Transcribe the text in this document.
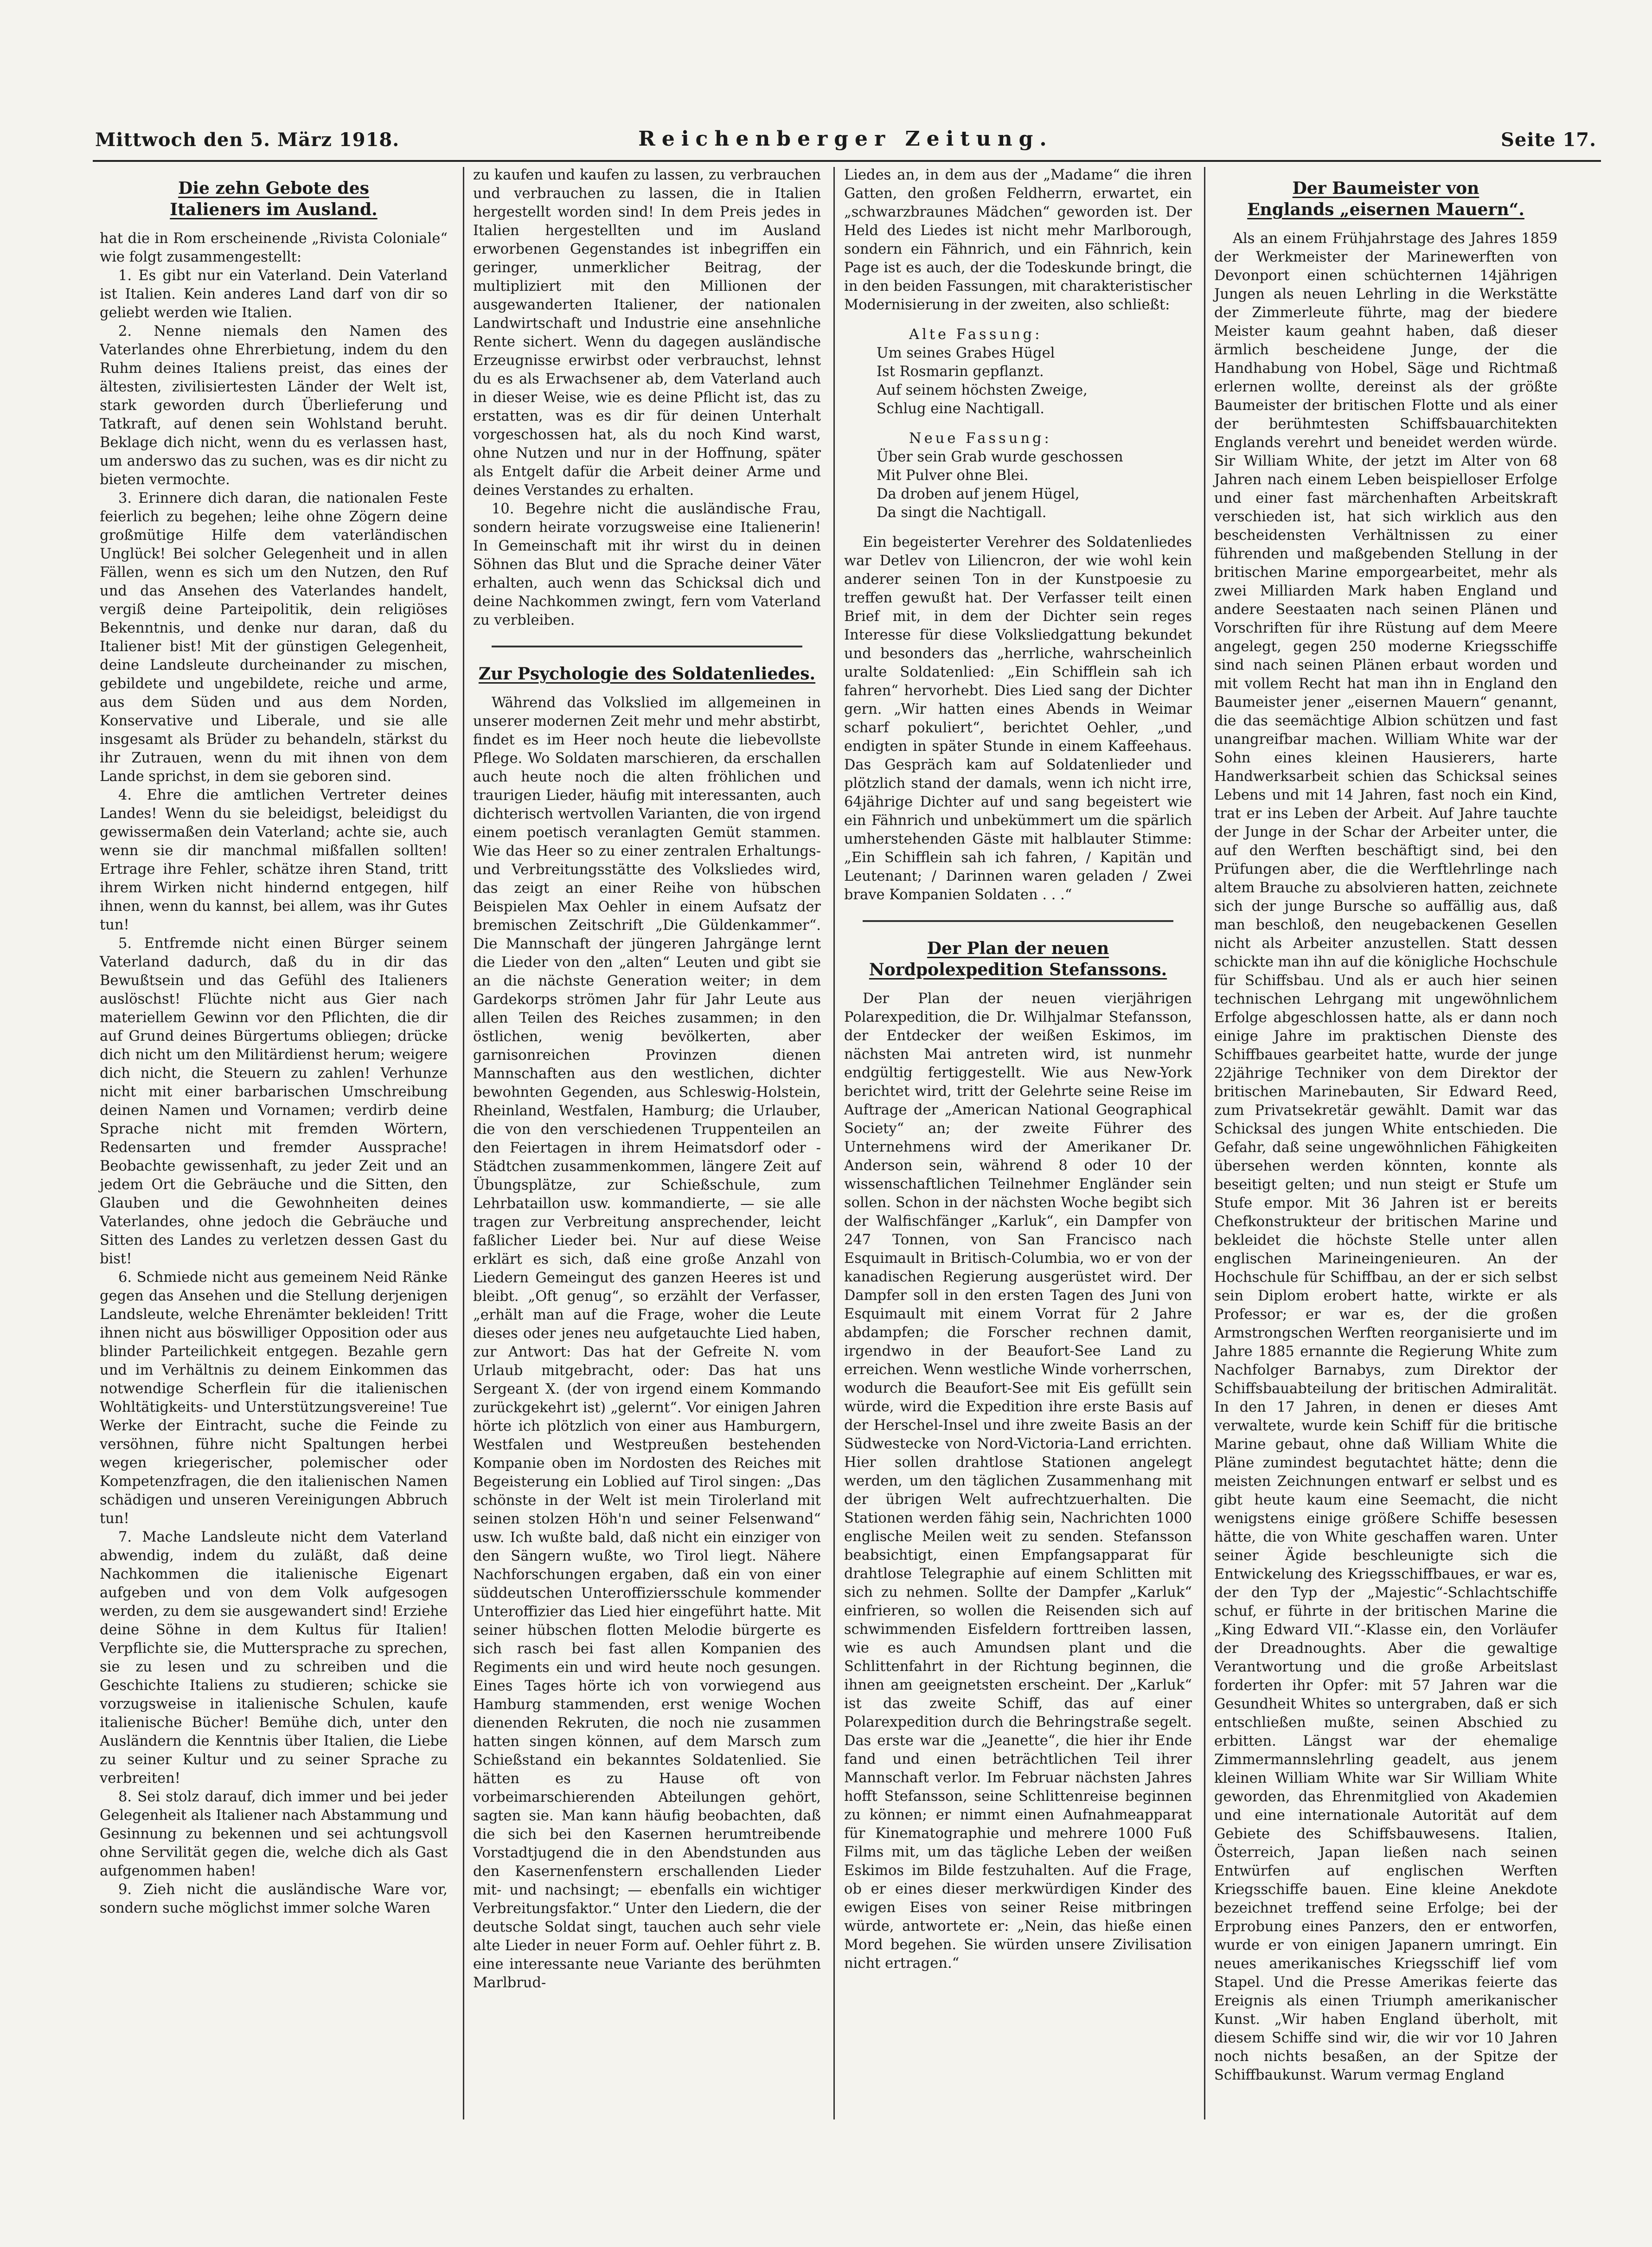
Mittwoch den 5. März 1918.	Reichenberger Zeitung.	Seite 17.
Die zehn Gebote des
Italieners im Ausland.

hat die in Rom erscheinende „Rivista Coloniale“ wie folgt zusammengestellt:

1. Es gibt nur ein Vaterland. Dein Vaterland ist Italien. Kein anderes Land darf von dir so geliebt werden wie Italien.

2. Nenne niemals den Namen des Vaterlandes ohne Ehrerbietung, indem du den Ruhm deines Italiens preist, das eines der ältesten, zivilisiertesten Länder der Welt ist, stark geworden durch Überlieferung und Tatkraft, auf denen sein Wohlstand beruht. Beklage dich nicht, wenn du es verlassen hast, um anderswo das zu suchen, was es dir nicht zu bieten vermochte.

3. Erinnere dich daran, die nationalen Feste feierlich zu begehen; leihe ohne Zögern deine großmütige Hilfe dem vaterländischen Unglück! Bei solcher Gelegenheit und in allen Fällen, wenn es sich um den Nutzen, den Ruf und das Ansehen des Vaterlandes handelt, vergiß deine Parteipolitik, dein religiöses Bekenntnis, und denke nur daran, daß du Italiener bist! Mit der günstigen Gelegenheit, deine Landsleute durcheinander zu mischen, gebildete und ungebildete, reiche und arme, aus dem Süden und aus dem Norden, Konservative und Liberale, und sie alle insgesamt als Brüder zu behandeln, stärkst du ihr Zutrauen, wenn du mit ihnen von dem Lande sprichst, in dem sie geboren sind.

4. Ehre die amtlichen Vertreter deines Landes! Wenn du sie beleidigst, beleidigst du gewissermaßen dein Vaterland; achte sie, auch wenn sie dir manchmal mißfallen sollten! Ertrage ihre Fehler, schätze ihren Stand, tritt ihrem Wirken nicht hindernd entgegen, hilf ihnen, wenn du kannst, bei allem, was ihr Gutes tun!

5. Entfremde nicht einen Bürger seinem Vaterland dadurch, daß du in dir das Bewußtsein und das Gefühl des Italieners auslöschst! Flüchte nicht aus Gier nach materiellem Gewinn vor den Pflichten, die dir auf Grund deines Bürgertums obliegen; drücke dich nicht um den Militärdienst herum; weigere dich nicht, die Steuern zu zahlen! Verhunze nicht mit einer barbarischen Umschreibung deinen Namen und Vornamen; verdirb deine Sprache nicht mit fremden Wörtern, Redensarten und fremder Aussprache! Beobachte gewissenhaft, zu jeder Zeit und an jedem Ort die Gebräuche und die Sitten, den Glauben und die Gewohnheiten deines Vaterlandes, ohne jedoch die Gebräuche und Sitten des Landes zu verletzen dessen Gast du bist!

6. Schmiede nicht aus gemeinem Neid Ränke gegen das Ansehen und die Stellung derjenigen Landsleute, welche Ehrenämter bekleiden! Tritt ihnen nicht aus böswilliger Opposition oder aus blinder Parteilichkeit entgegen. Bezahle gern und im Verhältnis zu deinem Einkommen das notwendige Scherflein für die italienischen Wohltätigkeits- und Unterstützungsvereine! Tue Werke der Eintracht, suche die Feinde zu versöhnen, führe nicht Spaltungen herbei wegen kriegerischer, polemischer oder Kompetenzfragen, die den italienischen Namen schädigen und unseren Vereinigungen Abbruch tun!

7. Mache Landsleute nicht dem Vaterland abwendig, indem du zuläßt, daß deine Nachkommen die italienische Eigenart aufgeben und von dem Volk aufgesogen werden, zu dem sie ausgewandert sind! Erziehe deine Söhne in dem Kultus für Italien! Verpflichte sie, die Muttersprache zu sprechen, sie zu lesen und zu schreiben und die Geschichte Italiens zu studieren; schicke sie vorzugsweise in italienische Schulen, kaufe italienische Bücher! Bemühe dich, unter den Ausländern die Kenntnis über Italien, die Liebe zu seiner Kultur und zu seiner Sprache zu verbreiten!

8. Sei stolz darauf, dich immer und bei jeder Gelegenheit als Italiener nach Abstammung und Gesinnung zu bekennen und sei achtungsvoll ohne Servilität gegen die, welche dich als Gast aufgenommen haben!

9. Zieh nicht die ausländische Ware vor, sondern suche möglichst immer solche Waren

zu kaufen und kaufen zu lassen, zu verbrauchen und verbrauchen zu lassen, die in Italien hergestellt worden sind! In dem Preis jedes in Italien hergestellten und im Ausland erworbenen Gegenstandes ist inbegriffen ein geringer, unmerklicher Beitrag, der multipliziert mit den Millionen der ausgewanderten Italiener, der nationalen Landwirtschaft und Industrie eine ansehnliche Rente sichert. Wenn du dagegen ausländische Erzeugnisse erwirbst oder verbrauchst, lehnst du es als Erwachsener ab, dem Vaterland auch in dieser Weise, wie es deine Pflicht ist, das zu erstatten, was es dir für deinen Unterhalt vorgeschossen hat, als du noch Kind warst, ohne Nutzen und nur in der Hoffnung, später als Entgelt dafür die Arbeit deiner Arme und deines Verstandes zu erhalten.

10. Begehre nicht die ausländische Frau, sondern heirate vorzugsweise eine Italienerin! In Gemeinschaft mit ihr wirst du in deinen Söhnen das Blut und die Sprache deiner Väter erhalten, auch wenn das Schicksal dich und deine Nachkommen zwingt, fern vom Vaterland zu verbleiben.

Zur Psychologie des Soldatenliedes.

Während das Volkslied im allgemeinen in unserer modernen Zeit mehr und mehr abstirbt, findet es im Heer noch heute die liebevollste Pflege. Wo Soldaten marschieren, da erschallen auch heute noch die alten fröhlichen und traurigen Lieder, häufig mit interessanten, auch dichterisch wertvollen Varianten, die von irgend einem poetisch veranlagten Gemüt stammen. Wie das Heer so zu einer zentralen Erhaltungs- und Verbreitungsstätte des Volksliedes wird, das zeigt an einer Reihe von hübschen Beispielen Max Oehler in einem Aufsatz der bremischen Zeitschrift „Die Güldenkammer“. Die Mannschaft der jüngeren Jahrgänge lernt die Lieder von den „alten“ Leuten und gibt sie an die nächste Generation weiter; in dem Gardekorps strömen Jahr für Jahr Leute aus allen Teilen des Reiches zusammen; in den östlichen, wenig bevölkerten, aber garnisonreichen Provinzen dienen Mannschaften aus den westlichen, dichter bewohnten Gegenden, aus Schleswig-Holstein, Rheinland, Westfalen, Hamburg; die Urlauber, die von den verschiedenen Truppenteilen an den Feiertagen in ihrem Heimatsdorf oder -Städtchen zusammenkommen, längere Zeit auf Übungsplätze, zur Schießschule, zum Lehrbataillon usw. kommandierte, — sie alle tragen zur Verbreitung ansprechender, leicht faßlicher Lieder bei. Nur auf diese Weise erklärt es sich, daß eine große Anzahl von Liedern Gemeingut des ganzen Heeres ist und bleibt. „Oft genug“, so erzählt der Verfasser, „erhält man auf die Frage, woher die Leute dieses oder jenes neu aufgetauchte Lied haben, zur Antwort: Das hat der Gefreite N. vom Urlaub mitgebracht, oder: Das hat uns Sergeant X. (der von irgend einem Kommando zurückgekehrt ist) „gelernt“. Vor einigen Jahren hörte ich plötzlich von einer aus Hamburgern, Westfalen und Westpreußen bestehenden Kompanie oben im Nordosten des Reiches mit Begeisterung ein Loblied auf Tirol singen: „Das schönste in der Welt ist mein Tirolerland mit seinen stolzen Höh'n und seiner Felsenwand“ usw. Ich wußte bald, daß nicht ein einziger von den Sängern wußte, wo Tirol liegt. Nähere Nachforschungen ergaben, daß ein von einer süddeutschen Unteroffiziersschule kommender Unteroffizier das Lied hier eingeführt hatte. Mit seiner hübschen flotten Melodie bürgerte es sich rasch bei fast allen Kompanien des Regiments ein und wird heute noch gesungen. Eines Tages hörte ich von vorwiegend aus Hamburg stammenden, erst wenige Wochen dienenden Rekruten, die noch nie zusammen hatten singen können, auf dem Marsch zum Schießstand ein bekanntes Soldatenlied. Sie hätten es zu Hause oft von vorbeimarschierenden Abteilungen gehört, sagten sie. Man kann häufig beobachten, daß die sich bei den Kasernen herumtreibende Vorstadtjugend die in den Abendstunden aus den Kasernenfenstern erschallenden Lieder mit- und nachsingt; — ebenfalls ein wichtiger Verbreitungsfaktor.“ Unter den Liedern, die der deutsche Soldat singt, tauchen auch sehr viele alte Lieder in neuer Form auf. Oehler führt z. B. eine interessante neue Variante des berühmten Marlbrud-

Liedes an, in dem aus der „Madame“ die ihren Gatten, den großen Feldherrn, erwartet, ein „schwarzbraunes Mädchen“ geworden ist. Der Held des Liedes ist nicht mehr Marlborough, sondern ein Fähnrich, und ein Fähnrich, kein Page ist es auch, der die Todeskunde bringt, die in den beiden Fassungen, mit charakteristischer Modernisierung in der zweiten, also schließt:

Alte Fassung:
Um seines Grabes Hügel
Ist Rosmarin gepflanzt.
Auf seinem höchsten Zweige,
Schlug eine Nachtigall.
Neue Fassung:
Über sein Grab wurde geschossen
Mit Pulver ohne Blei.
Da droben auf jenem Hügel,
Da singt die Nachtigall.

Ein begeisterter Verehrer des Soldatenliedes war Detlev von Liliencron, der wie wohl kein anderer seinen Ton in der Kunstpoesie zu treffen gewußt hat. Der Verfasser teilt einen Brief mit, in dem der Dichter sein reges Interesse für diese Volksliedgattung bekundet und besonders das „herrliche, wahrscheinlich uralte Soldatenlied: „Ein Schifflein sah ich fahren“ hervorhebt. Dies Lied sang der Dichter gern. „Wir hatten eines Abends in Weimar scharf pokuliert“, berichtet Oehler, „und endigten in später Stunde in einem Kaffeehaus. Das Gespräch kam auf Soldatenlieder und plötzlich stand der damals, wenn ich nicht irre, 64jährige Dichter auf und sang begeistert wie ein Fähnrich und unbekümmert um die spärlich umherstehenden Gäste mit halblauter Stimme: „Ein Schifflein sah ich fahren, / Kapitän und Leutenant; / Darinnen waren geladen / Zwei brave Kompanien Soldaten . . .“

Der Plan der neuen
Nordpolexpedition Stefanssons.

Der Plan der neuen vierjährigen Polarexpedition, die Dr. Wilhjalmar Stefansson, der Entdecker der weißen Eskimos, im nächsten Mai antreten wird, ist nunmehr endgültig fertiggestellt. Wie aus New-York berichtet wird, tritt der Gelehrte seine Reise im Auftrage der „American National Geographical Society“ an; der zweite Führer des Unternehmens wird der Amerikaner Dr. Anderson sein, während 8 oder 10 der wissenschaftlichen Teilnehmer Engländer sein sollen. Schon in der nächsten Woche begibt sich der Walfischfänger „Karluk“, ein Dampfer von 247 Tonnen, von San Francisco nach Esquimault in Britisch-Columbia, wo er von der kanadischen Regierung ausgerüstet wird. Der Dampfer soll in den ersten Tagen des Juni von Esquimault mit einem Vorrat für 2 Jahre abdampfen; die Forscher rechnen damit, irgendwo in der Beaufort-See Land zu erreichen. Wenn westliche Winde vorherrschen, wodurch die Beaufort-See mit Eis gefüllt sein würde, wird die Expedition ihre erste Basis auf der Herschel-Insel und ihre zweite Basis an der Südwestecke von Nord-Victoria-Land errichten. Hier sollen drahtlose Stationen angelegt werden, um den täglichen Zusammenhang mit der übrigen Welt aufrechtzuerhalten. Die Stationen werden fähig sein, Nachrichten 1000 englische Meilen weit zu senden. Stefansson beabsichtigt, einen Empfangsapparat für drahtlose Telegraphie auf einem Schlitten mit sich zu nehmen. Sollte der Dampfer „Karluk“ einfrieren, so wollen die Reisenden sich auf schwimmenden Eisfeldern forttreiben lassen, wie es auch Amundsen plant und die Schlittenfahrt in der Richtung beginnen, die ihnen am geeignetsten erscheint. Der „Karluk“ ist das zweite Schiff, das auf einer Polarexpedition durch die Behringstraße segelt. Das erste war die „Jeanette“, die hier ihr Ende fand und einen beträchtlichen Teil ihrer Mannschaft verlor. Im Februar nächsten Jahres hofft Stefansson, seine Schlittenreise beginnen zu können; er nimmt einen Aufnahmeapparat für Kinematographie und mehrere 1000 Fuß Films mit, um das tägliche Leben der weißen Eskimos im Bilde festzuhalten. Auf die Frage, ob er eines dieser merkwürdigen Kinder des ewigen Eises von seiner Reise mitbringen würde, antwortete er: „Nein, das hieße einen Mord begehen. Sie würden unsere Zivilisation nicht ertragen.“

Der Baumeister von
Englands „eisernen Mauern“.

Als an einem Frühjahrstage des Jahres 1859 der Werkmeister der Marinewerften von Devonport einen schüchternen 14jährigen Jungen als neuen Lehrling in die Werkstätte der Zimmerleute führte, mag der biedere Meister kaum geahnt haben, daß dieser ärmlich bescheidene Junge, der die Handhabung von Hobel, Säge und Richtmaß erlernen wollte, dereinst als der größte Baumeister der britischen Flotte und als einer der berühmtesten Schiffsbauarchitekten Englands verehrt und beneidet werden würde. Sir William White, der jetzt im Alter von 68 Jahren nach einem Leben beispielloser Erfolge und einer fast märchenhaften Arbeitskraft verschieden ist, hat sich wirklich aus den bescheidensten Verhältnissen zu einer führenden und maßgebenden Stellung in der britischen Marine emporgearbeitet, mehr als zwei Milliarden Mark haben England und andere Seestaaten nach seinen Plänen und Vorschriften für ihre Rüstung auf dem Meere angelegt, gegen 250 moderne Kriegsschiffe sind nach seinen Plänen erbaut worden und mit vollem Recht hat man ihn in England den Baumeister jener „eisernen Mauern“ genannt, die das seemächtige Albion schützen und fast unangreifbar machen. William White war der Sohn eines kleinen Hausierers, harte Handwerksarbeit schien das Schicksal seines Lebens und mit 14 Jahren, fast noch ein Kind, trat er ins Leben der Arbeit. Auf Jahre tauchte der Junge in der Schar der Arbeiter unter, die auf den Werften beschäftigt sind, bei den Prüfungen aber, die die Werftlehrlinge nach altem Brauche zu absolvieren hatten, zeichnete sich der junge Bursche so auffällig aus, daß man beschloß, den neugebackenen Gesellen nicht als Arbeiter anzustellen. Statt dessen schickte man ihn auf die königliche Hochschule für Schiffsbau. Und als er auch hier seinen technischen Lehrgang mit ungewöhnlichem Erfolge abgeschlossen hatte, als er dann noch einige Jahre im praktischen Dienste des Schiffbaues gearbeitet hatte, wurde der junge 22jährige Techniker von dem Direktor der britischen Marinebauten, Sir Edward Reed, zum Privatsekretär gewählt. Damit war das Schicksal des jungen White entschieden. Die Gefahr, daß seine ungewöhnlichen Fähigkeiten übersehen werden könnten, konnte als beseitigt gelten; und nun steigt er Stufe um Stufe empor. Mit 36 Jahren ist er bereits Chefkonstrukteur der britischen Marine und bekleidet die höchste Stelle unter allen englischen Marineingenieuren. An der Hochschule für Schiffbau, an der er sich selbst sein Diplom erobert hatte, wirkte er als Professor; er war es, der die großen Armstrongschen Werften reorganisierte und im Jahre 1885 ernannte die Regierung White zum Nachfolger Barnabys, zum Direktor der Schiffsbauabteilung der britischen Admiralität. In den 17 Jahren, in denen er dieses Amt verwaltete, wurde kein Schiff für die britische Marine gebaut, ohne daß William White die Pläne zumindest begutachtet hätte; denn die meisten Zeichnungen entwarf er selbst und es gibt heute kaum eine Seemacht, die nicht wenigstens einige größere Schiffe besessen hätte, die von White geschaffen waren. Unter seiner Ägide beschleunigte sich die Entwickelung des Kriegsschiffbaues, er war es, der den Typ der „Majestic“-Schlachtschiffe schuf, er führte in der britischen Marine die „King Edward VII.“-Klasse ein, den Vorläufer der Dreadnoughts. Aber die gewaltige Verantwortung und die große Arbeitslast forderten ihr Opfer: mit 57 Jahren war die Gesundheit Whites so untergraben, daß er sich entschließen mußte, seinen Abschied zu erbitten. Längst war der ehemalige Zimmermannslehrling geadelt, aus jenem kleinen William White war Sir William White geworden, das Ehrenmitglied von Akademien und eine internationale Autorität auf dem Gebiete des Schiffsbauwesens. Italien, Österreich, Japan ließen nach seinen Entwürfen auf englischen Werften Kriegsschiffe bauen. Eine kleine Anekdote bezeichnet treffend seine Erfolge; bei der Erprobung eines Panzers, den er entworfen, wurde er von einigen Japanern umringt. Ein neues amerikanisches Kriegsschiff lief vom Stapel. Und die Presse Amerikas feierte das Ereignis als einen Triumph amerikanischer Kunst. „Wir haben England überholt, mit diesem Schiffe sind wir, die wir vor 10 Jahren noch nichts besaßen, an der Spitze der Schiffbaukunst. Warum vermag England
